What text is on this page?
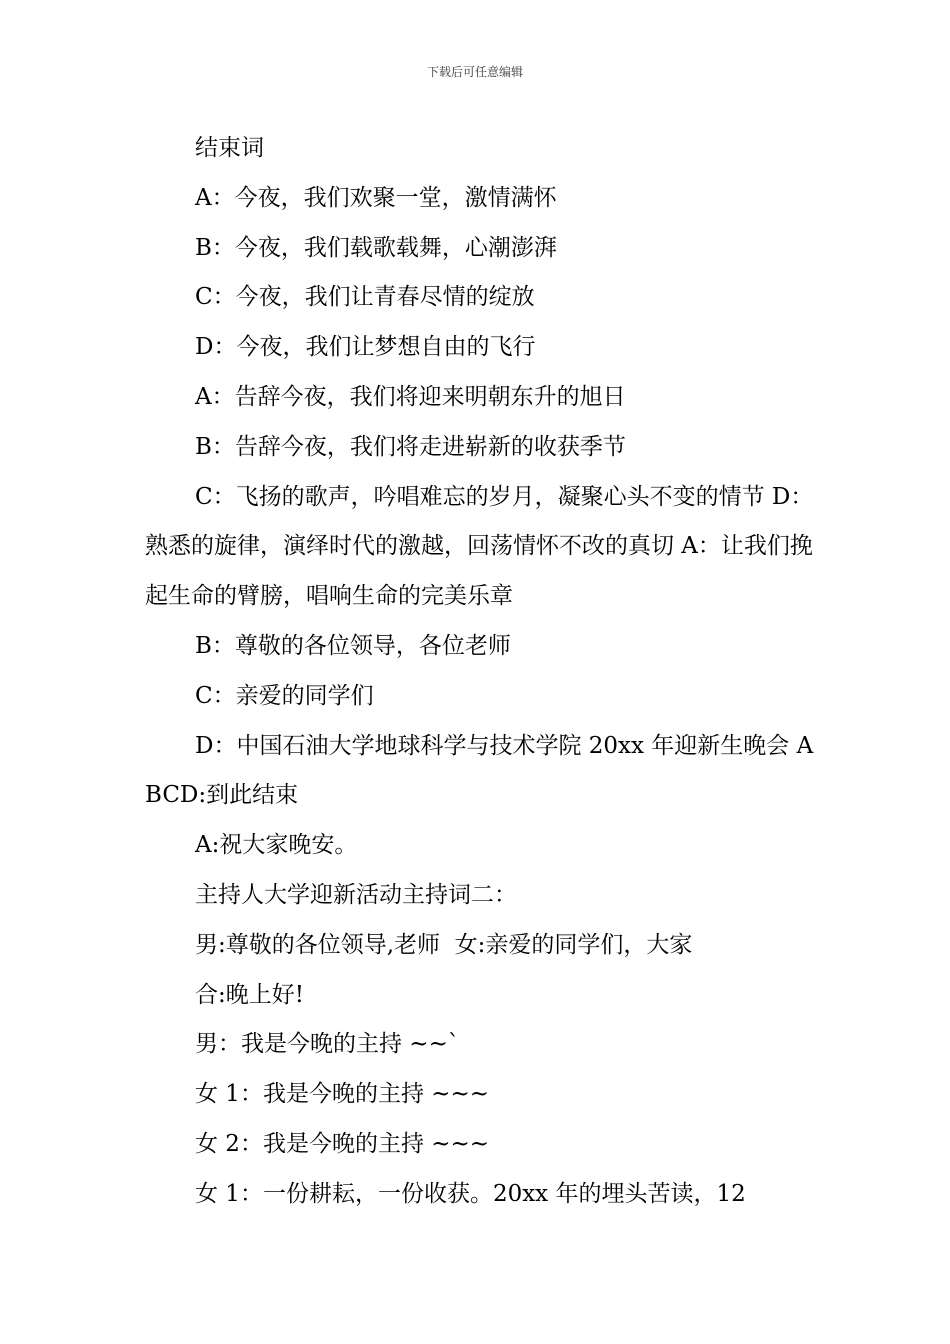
下载后可任意编辑

结束词

A：今夜，我们欢聚一堂，激情满怀

B：今夜，我们载歌载舞，心潮澎湃

C：今夜，我们让青春尽情的绽放

D：今夜，我们让梦想自由的飞行

A：告辞今夜，我们将迎来明朝东升的旭日

B：告辞今夜，我们将走进崭新的收获季节

C：飞扬的歌声，吟唱难忘的岁月，凝聚心头不变的情节 D：熟悉的旋律，演绎时代的激越，回荡情怀不改的真切 A：让我们挽起生命的臂膀，唱响生命的完美乐章

B：尊敬的各位领导，各位老师

C：亲爱的同学们

D：中国石油大学地球科学与技术学院 20xx 年迎新生晚会 ABCD:到此结束

A:祝大家晚安。

主持人大学迎新活动主持词二：

男:尊敬的各位领导,老师  女:亲爱的同学们，大家

合:晚上好!

男：我是今晚的主持 ~~`

女 1：我是今晚的主持 ~~~

女 2：我是今晚的主持 ~~~

女 1：一份耕耘，一份收获。20xx 年的埋头苦读，12
